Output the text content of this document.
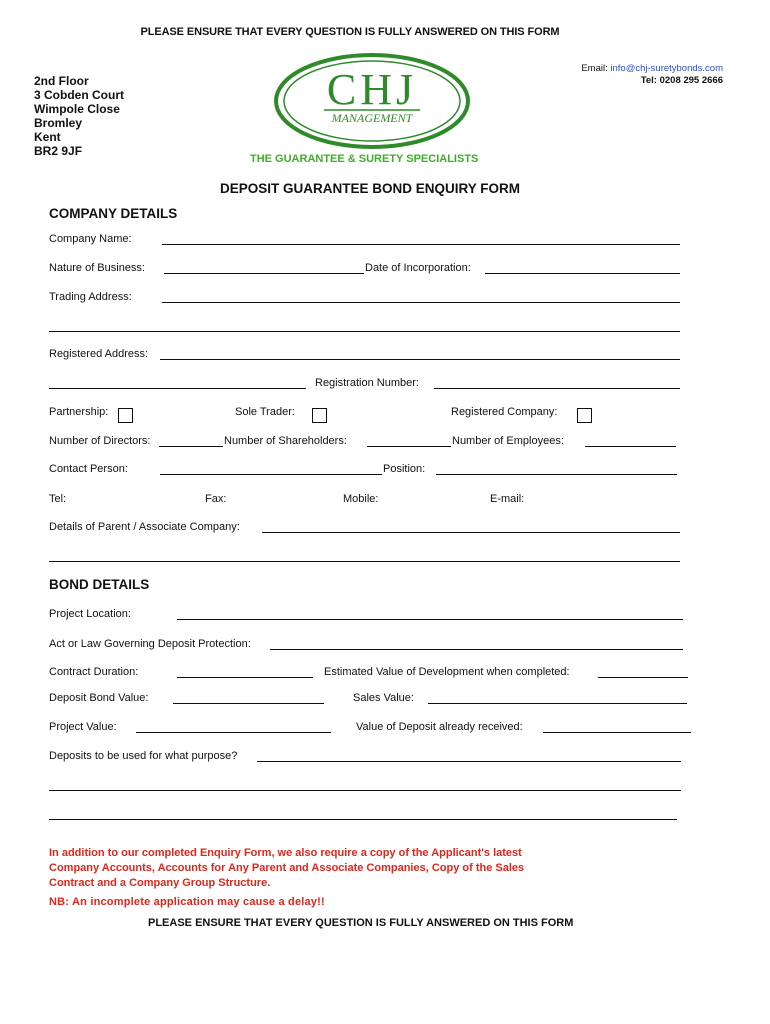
PLEASE ENSURE THAT EVERY QUESTION IS FULLY ANSWERED ON THIS FORM
2nd Floor
3 Cobden Court
Wimpole Close
Bromley
Kent
BR2 9JF
Email: info@chj-suretybonds.com
Tel: 0208 295 2666
CHJ
MANAGEMENT
THE GUARANTEE & SURETY SPECIALISTS
DEPOSIT GUARANTEE BOND ENQUIRY FORM
COMPANY DETAILS
Company Name:
Nature of Business:	Date of Incorporation:
Trading Address:
Registered Address:
Registration Number:
Partnership:	Sole Trader:	Registered Company:
Number of Directors:	Number of Shareholders:	Number of Employees:
Contact Person:	Position:
Tel:	Fax:	Mobile:	E-mail:
Details of Parent / Associate Company:
BOND DETAILS
Project Location:
Act or Law Governing Deposit Protection:
Contract Duration:	Estimated Value of Development when completed:
Deposit Bond Value:	Sales Value:
Project Value:	Value of Deposit already received:
Deposits to be used for what purpose?
In addition to our completed Enquiry Form, we also require a copy of the Applicant's latest
Company Accounts, Accounts for Any Parent and Associate Companies, Copy of the Sales
Contract and a Company Group Structure.
NB: An incomplete application may cause a delay!!
PLEASE ENSURE THAT EVERY QUESTION IS FULLY ANSWERED ON THIS FORM
